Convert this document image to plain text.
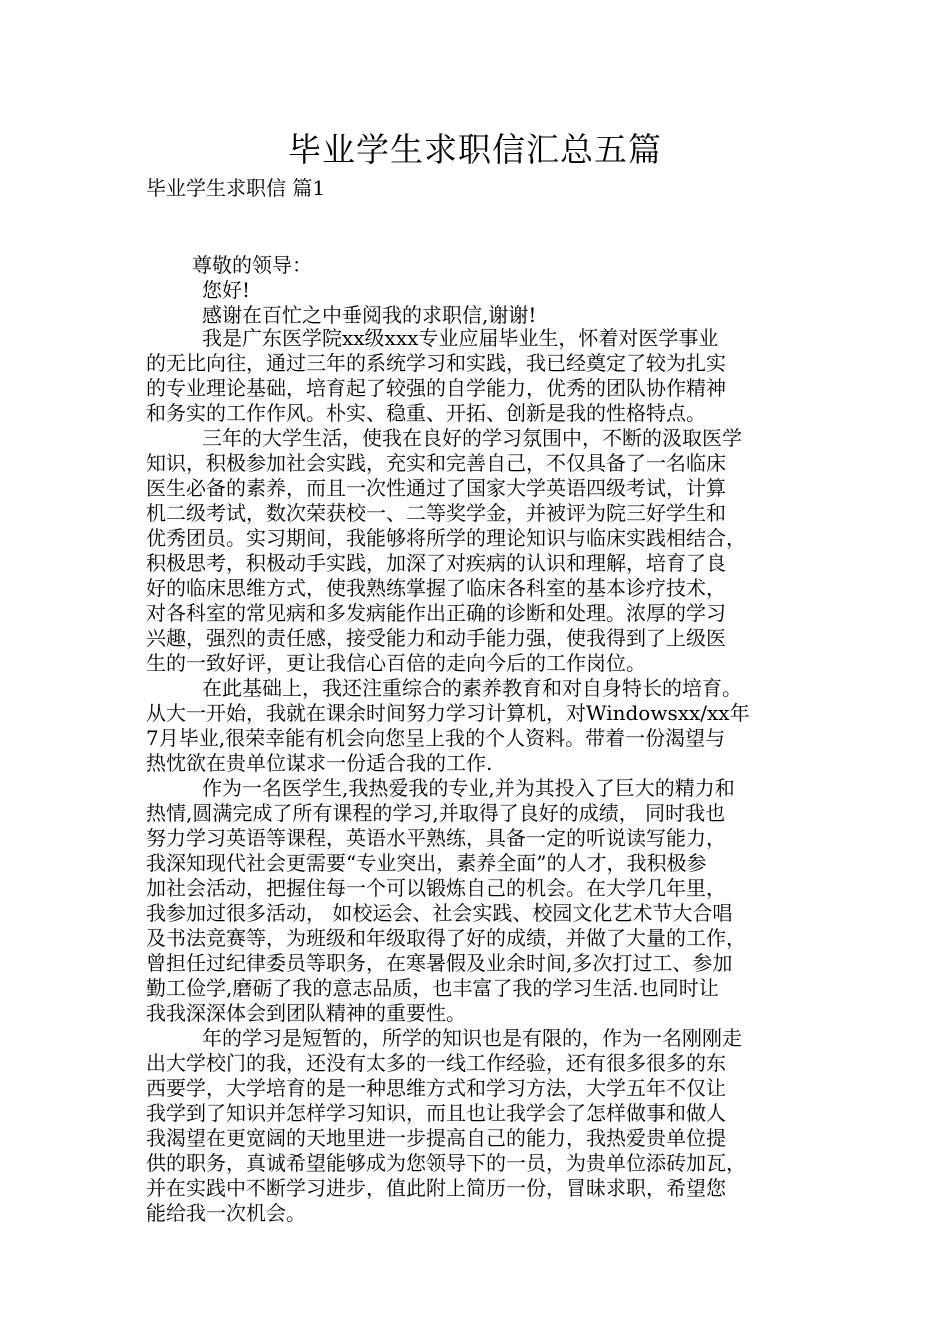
毕业学生求职信汇总五篇
毕业学生求职信 篇1
尊敬的领导：
您好!
感谢在百忙之中垂阅我的求职信,谢谢!
我是广东医学院xx级xxx专业应届毕业生，怀着对医学事业
的无比向往，通过三年的系统学习和实践，我已经奠定了较为扎实
的专业理论基础，培育起了较强的自学能力，优秀的团队协作精神
和务实的工作作风。朴实、稳重、开拓、创新是我的性格特点。
三年的大学生活，使我在良好的学习氛围中，不断的汲取医学
知识，积极参加社会实践，充实和完善自己，不仅具备了一名临床
医生必备的素养，而且一次性通过了国家大学英语四级考试，计算
机二级考试，数次荣获校一、二等奖学金，并被评为院三好学生和
优秀团员。实习期间，我能够将所学的理论知识与临床实践相结合，
积极思考，积极动手实践，加深了对疾病的认识和理解，培育了良
好的临床思维方式，使我熟练掌握了临床各科室的基本诊疗技术，
对各科室的常见病和多发病能作出正确的诊断和处理。浓厚的学习
兴趣，强烈的责任感，接受能力和动手能力强，使我得到了上级医
生的一致好评，更让我信心百倍的走向今后的工作岗位。
在此基础上，我还注重综合的素养教育和对自身特长的培育。
从大一开始，我就在课余时间努力学习计算机，对Windowsxx/xx年
7月毕业,很荣幸能有机会向您呈上我的个人资料。带着一份渴望与
热忱欲在贵单位谋求一份适合我的工作.
作为一名医学生,我热爱我的专业,并为其投入了巨大的精力和
热情,圆满完成了所有课程的学习,并取得了良好的成绩， 同时我也
努力学习英语等课程，英语水平熟练，具备一定的听说读写能力，
我深知现代社会更需要“专业突出，素养全面”的人才，我积极参
加社会活动，把握住每一个可以锻炼自己的机会。在大学几年里，
我参加过很多活动， 如校运会、社会实践、校园文化艺术节大合唱
及书法竞赛等，为班级和年级取得了好的成绩，并做了大量的工作，
曾担任过纪律委员等职务，在寒暑假及业余时间,多次打过工、参加
勤工俭学,磨砺了我的意志品质，也丰富了我的学习生活.也同时让
我我深深体会到团队精神的重要性。
年的学习是短暂的，所学的知识也是有限的，作为一名刚刚走
出大学校门的我，还没有太多的一线工作经验，还有很多很多的东
西要学，大学培育的是一种思维方式和学习方法，大学五年不仅让
我学到了知识并怎样学习知识，而且也让我学会了怎样做事和做人
我渴望在更宽阔的天地里进一步提高自己的能力，我热爱贵单位提
供的职务，真诚希望能够成为您领导下的一员，为贵单位添砖加瓦，
并在实践中不断学习进步，值此附上简历一份，冒昧求职，希望您
能给我一次机会。
